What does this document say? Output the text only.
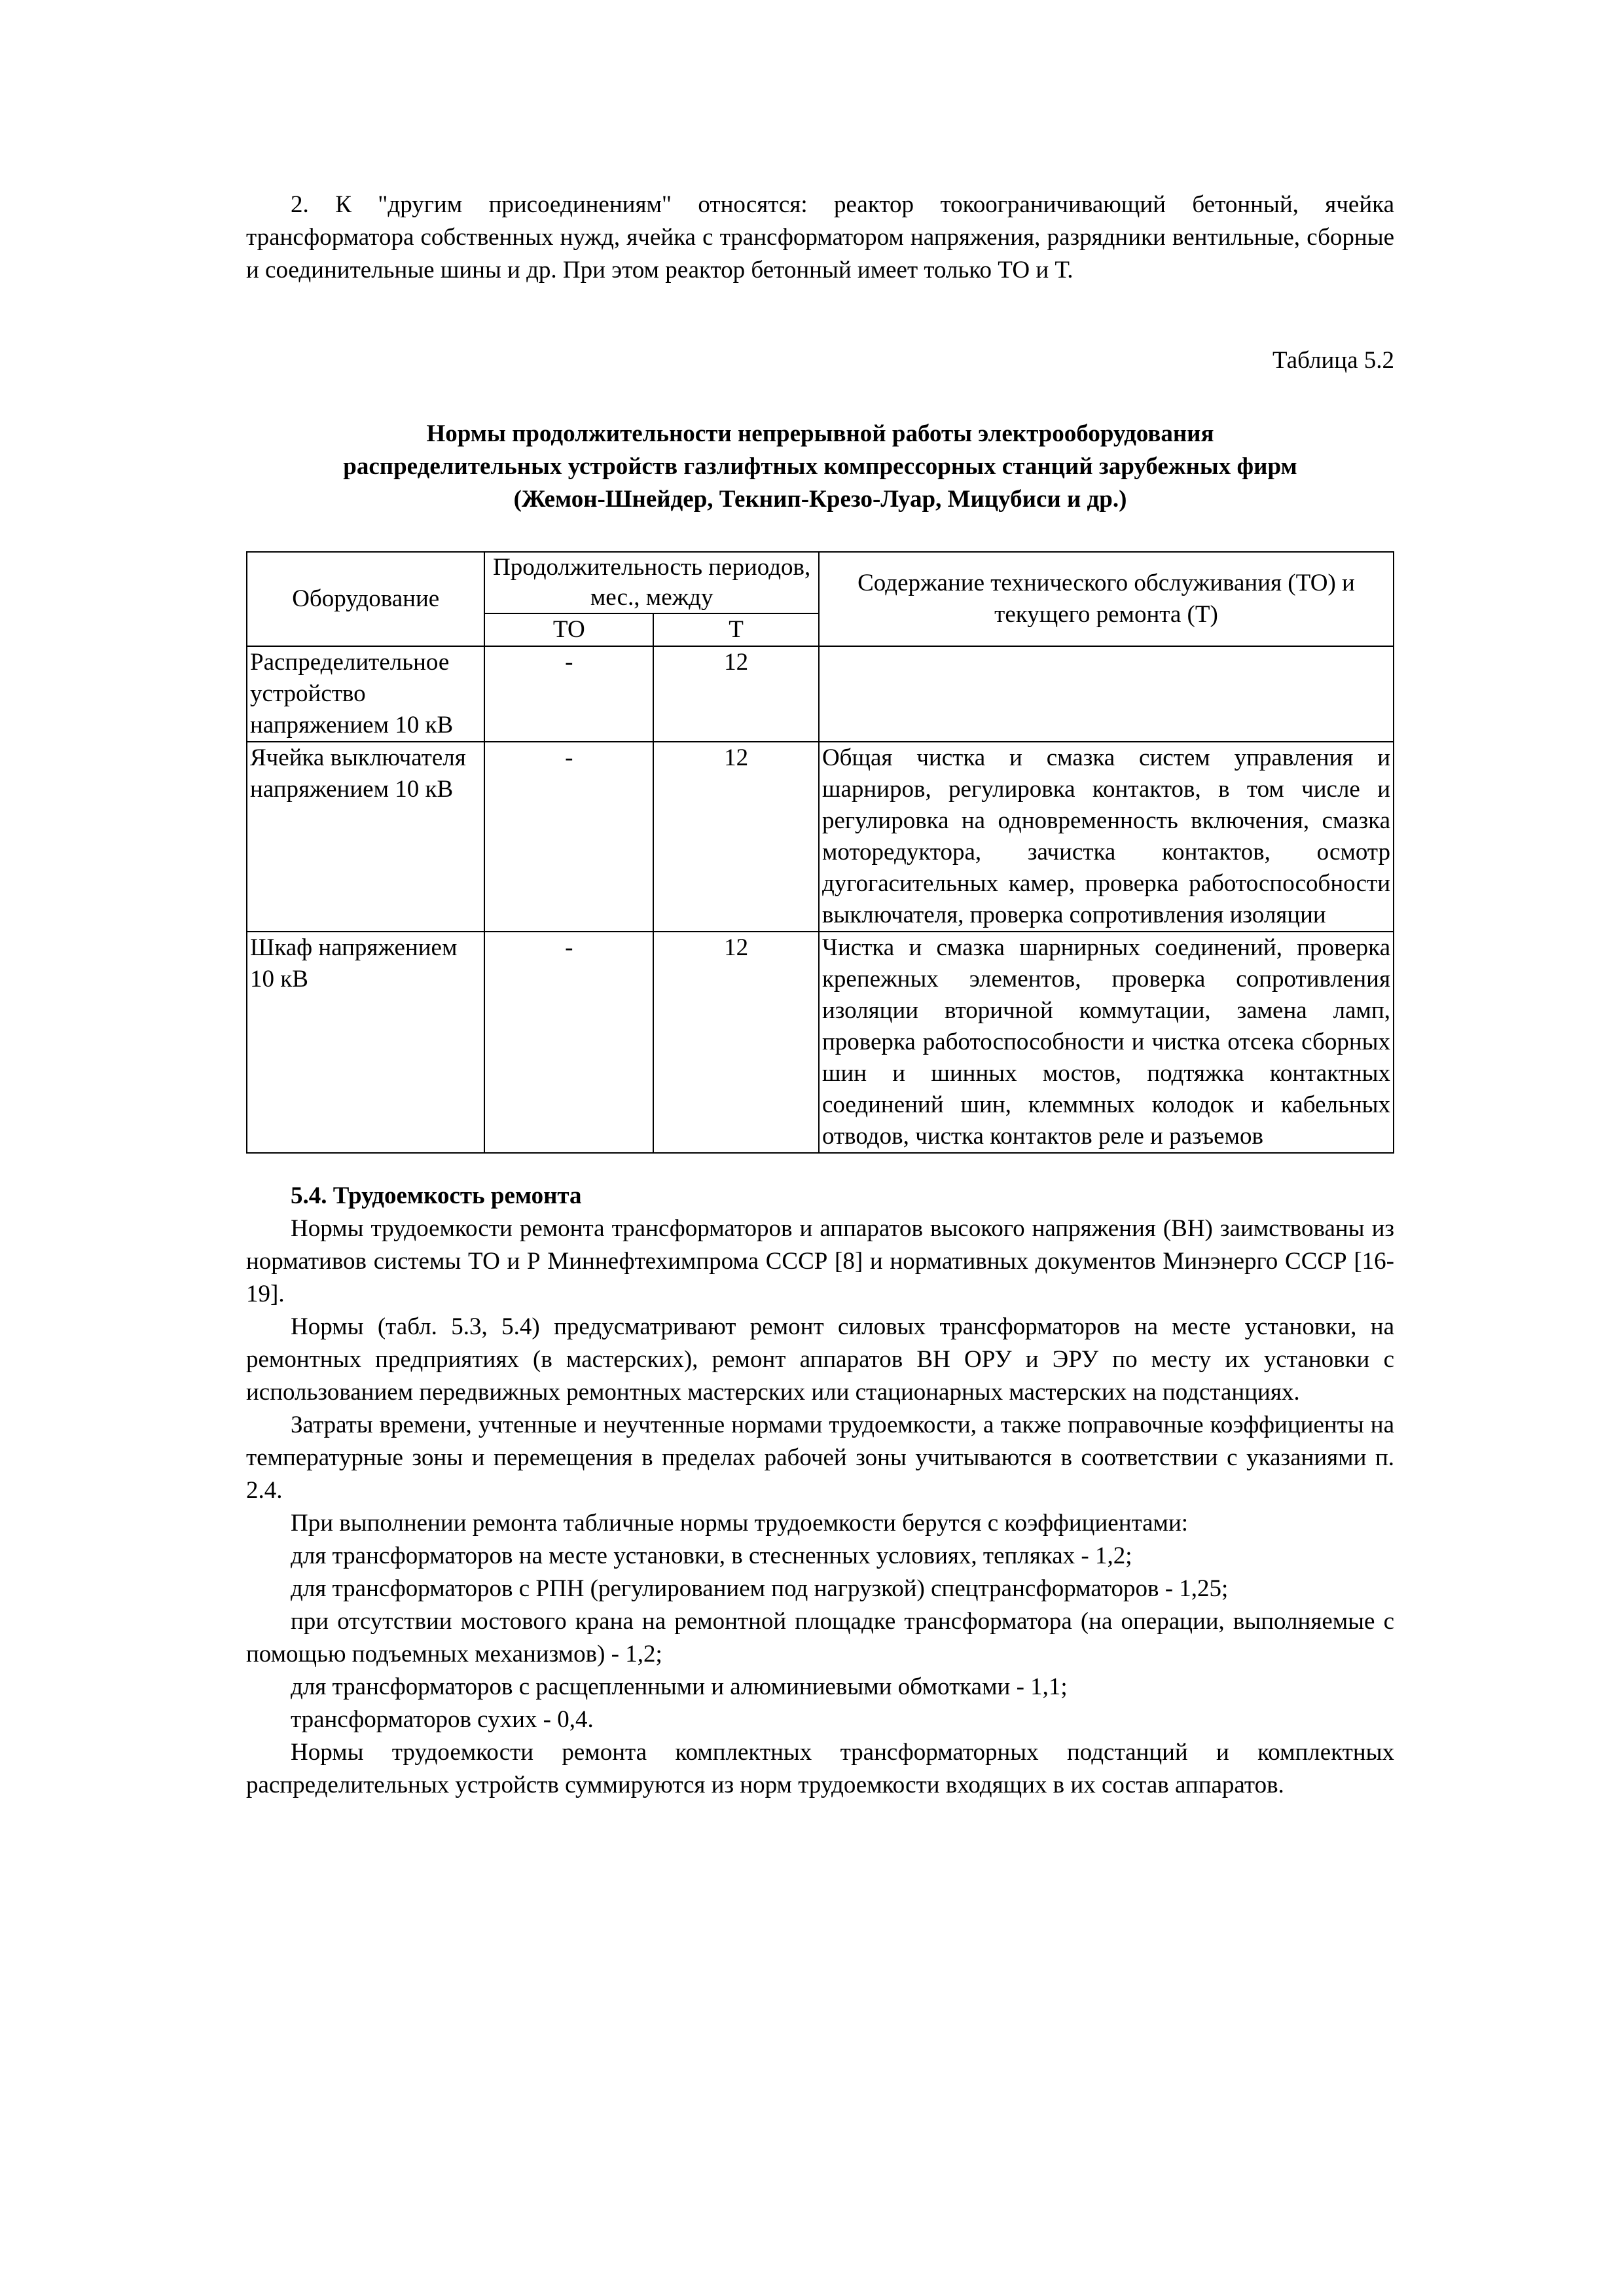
2. К "другим присоединениям" относятся: реактор токоограничивающий бетонный, ячейка трансформатора собственных нужд, ячейка с трансформатором напряжения, разрядники вентильные, сборные и соединительные шины и др. При этом реактор бетонный имеет только ТО и Т.

Таблица 5.2
Нормы продолжительности непрерывной работы электрооборудования
распределительных устройств газлифтных компрессорных станций зарубежных фирм
(Жемон-Шнейдер, Текнип-Крезо-Луар, Мицубиси и др.)
Оборудование	Продолжительность периодов, мес., между		Содержание технического обслуживания (ТО) и текущего ремонта (Т)
	ТО	Т	
Распределительное устройство напряжением 10 кВ	-	12	
Ячейка выключателя напряжением 10 кВ	-	12	Общая чистка и смазка систем управления и шарниров, регулировка контактов, в том числе и регулировка на одновременность включения, смазка моторедуктора, зачистка контактов, осмотр дугогасительных камер, проверка работоспособности выключателя, проверка сопротивления изоляции
Шкаф напряжением 10 кВ	-	12	Чистка и смазка шарнирных соединений, проверка крепежных элементов, проверка сопротивления изоляции вторичной коммутации, замена ламп, проверка работоспособности и чистка отсека сборных шин и шинных мостов, подтяжка контактных соединений шин, клеммных колодок и кабельных отводов, чистка контактов реле и разъемов
5.4. Трудоемкость ремонта

Нормы трудоемкости ремонта трансформаторов и аппаратов высокого напряжения (ВН) заимствованы из нормативов системы ТО и Р Миннефтехимпрома СССР [8] и нормативных документов Минэнерго СССР [16-19].

Нормы (табл. 5.3, 5.4) предусматривают ремонт силовых трансформаторов на месте установки, на ремонтных предприятиях (в мастерских), ремонт аппаратов ВН ОРУ и ЭРУ по месту их установки с использованием передвижных ремонтных мастерских или стационарных мастерских на подстанциях.

Затраты времени, учтенные и неучтенные нормами трудоемкости, а также поправочные коэффициенты на температурные зоны и перемещения в пределах рабочей зоны учитываются в соответствии с указаниями п. 2.4.

При выполнении ремонта табличные нормы трудоемкости берутся с коэффициентами:

для трансформаторов на месте установки, в стесненных условиях, тепляках - 1,2;

для трансформаторов с РПН (регулированием под нагрузкой) спецтрансформаторов - 1,25;

при отсутствии мостового крана на ремонтной площадке трансформатора (на операции, выполняемые с помощью подъемных механизмов) - 1,2;

для трансформаторов с расщепленными и алюминиевыми обмотками - 1,1;

трансформаторов сухих - 0,4.

Нормы трудоемкости ремонта комплектных трансформаторных подстанций и комплектных распределительных устройств суммируются из норм трудоемкости входящих в их состав аппаратов.
